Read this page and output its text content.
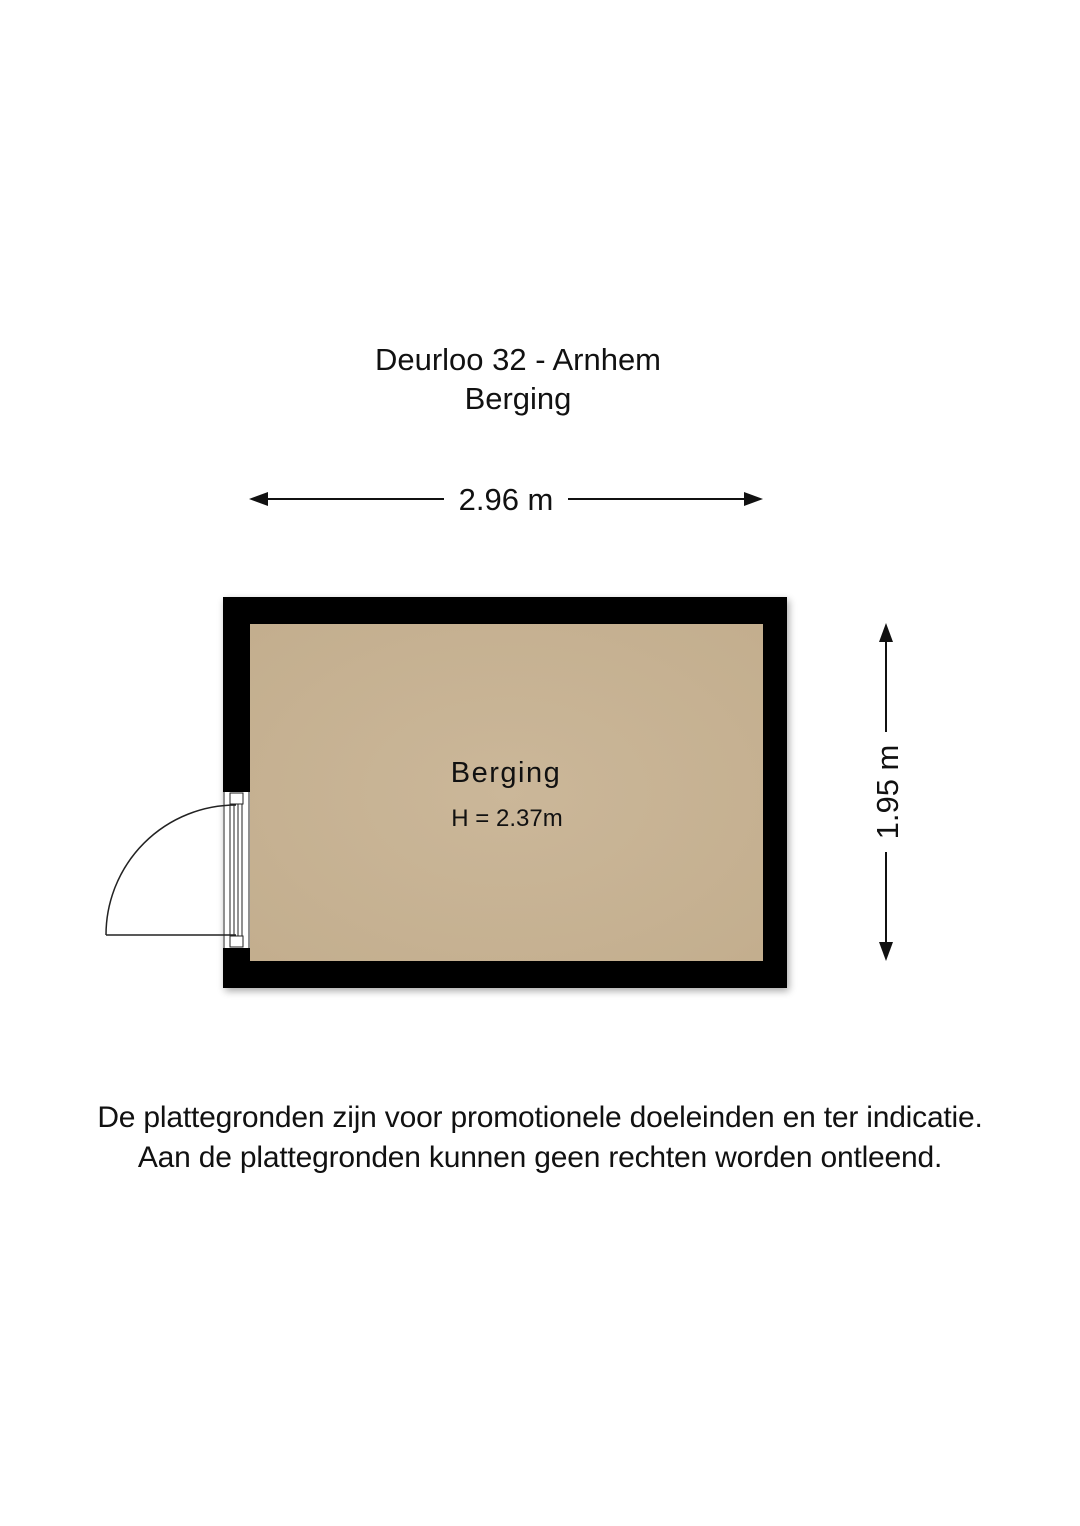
Deurloo 32 - Arnhem
Berging
2.96 m
1.95 m
Berging
H = 2.37m
De plattegronden zijn voor promotionele doeleinden en ter indicatie.
Aan de plattegronden kunnen geen rechten worden ontleend.
